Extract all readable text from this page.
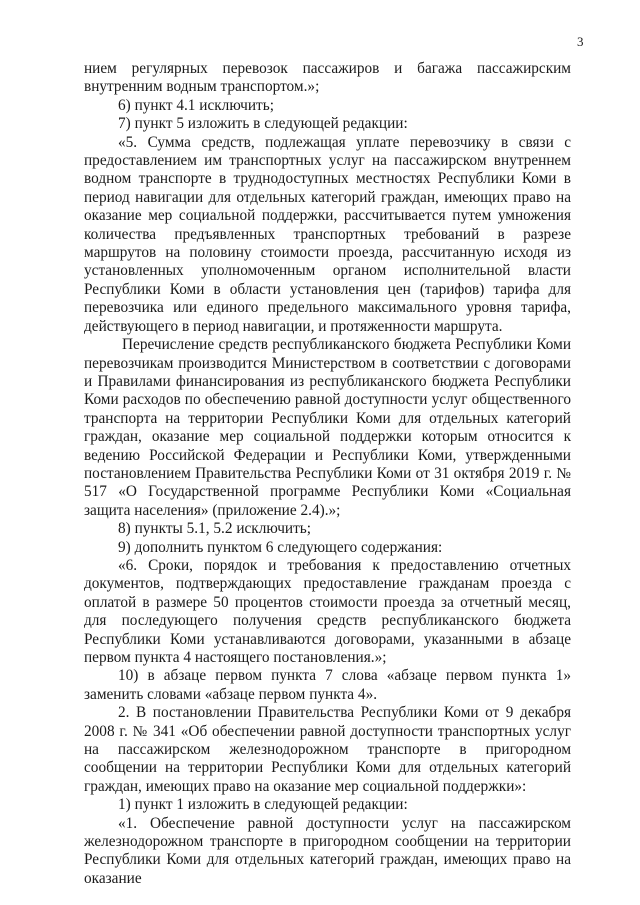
3

нием регулярных перевозок пассажиров и багажа пассажирским внутренним водным транспортом.»;

6) пункт 4.1 исключить;

7) пункт 5 изложить в следующей редакции:

«5. Сумма средств, подлежащая уплате перевозчику в связи с предоставлением им транспортных услуг на пассажирском внутреннем водном транспорте в труднодоступных местностях Республики Коми в период навигации для отдельных категорий граждан, имеющих право на оказание мер социальной поддержки, рассчитывается путем умножения количества предъявленных транспортных требований в разрезе маршрутов на половину стоимости проезда, рассчитанную исходя из установленных уполномоченным органом исполнительной власти Республики Коми в области установления цен (тарифов) тарифа для перевозчика или единого предельного максимального уровня тарифа, действующего в период навигации, и протяженности маршрута.

Перечисление средств республиканского бюджета Республики Коми перевозчикам производится Министерством в соответствии с договорами и Правилами финансирования из республиканского бюджета Республики Коми расходов по обеспечению равной доступности услуг общественного транспорта на территории Республики Коми для отдельных категорий граждан, оказание мер социальной поддержки которым относится к ведению Российской Федерации и Республики Коми, утвержденными постановлением Правительства Республики Коми от 31 октября 2019 г. № 517 «О Государственной программе Республики Коми «Социальная защита населения» (приложение 2.4).»;

8) пункты 5.1, 5.2 исключить;

9) дополнить пунктом 6 следующего содержания:

«6. Сроки, порядок и требования к предоставлению отчетных документов, подтверждающих предоставление гражданам проезда с оплатой в размере 50 процентов стоимости проезда за отчетный месяц, для последующего получения средств республиканского бюджета Республики Коми устанавливаются договорами, указанными в абзаце первом пункта 4 настоящего постановления.»;

10) в абзаце первом пункта 7 слова «абзаце первом пункта 1» заменить словами «абзаце первом пункта 4».

2. В постановлении Правительства Республики Коми от 9 декабря 2008 г. № 341 «Об обеспечении равной доступности транспортных услуг на пассажирском железнодорожном транспорте в пригородном сообщении на территории Республики Коми для отдельных категорий граждан, имеющих право на оказание мер социальной поддержки»:

1) пункт 1 изложить в следующей редакции:

«1. Обеспечение равной доступности услуг на пассажирском железнодорожном транспорте в пригородном сообщении на территории Республики Коми для отдельных категорий граждан, имеющих право на оказание
